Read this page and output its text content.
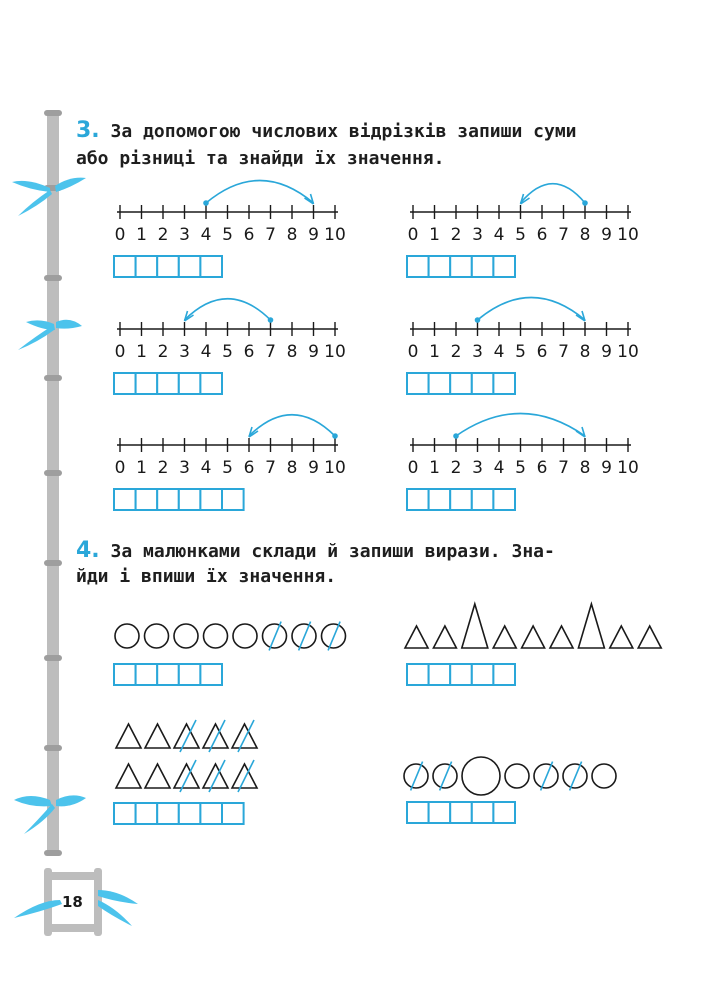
18
3. За допомогою числових відрізків запиши суми
або різниці та знайди їх значення.
0 1 2 3 4 5 6 7 8 9 10	0 1 2 3 4 5 6 7 8 9 10
0 1 2 3 4 5 6 7 8 9 10	0 1 2 3 4 5 6 7 8 9 10
0 1 2 3 4 5 6 7 8 9 10	0 1 2 3 4 5 6 7 8 9 10
4. За малюнками склади й запиши вирази. Зна-
йди і впиши їх значення.
